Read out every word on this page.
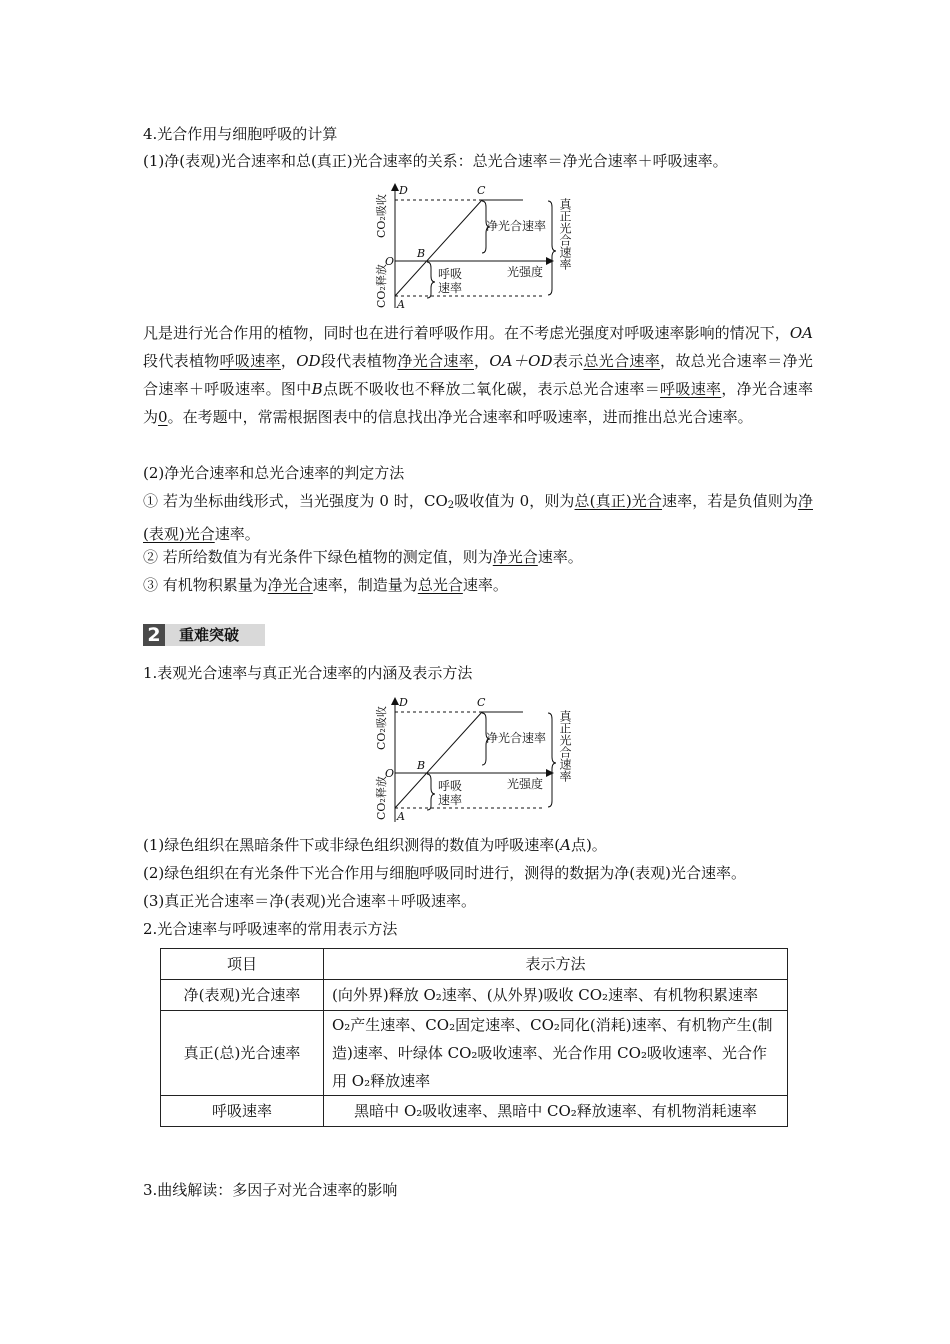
4.光合作用与细胞呼吸的计算
(1)净(表观)光合速率和总(真正)光合速率的关系：总光合速率＝净光合速率＋呼吸速率。
D	C
B
O
A
光强度
净光合速率
呼吸
速率
CO₂吸收
CO₂释放
真正光合速率
凡是进行光合作用的植物，同时也在进行着呼吸作用。在不考虑光强度对呼吸速率影响的情况下，OA段代表植物呼吸速率，OD段代表植物净光合速率，OA＋OD表示总光合速率，故总光合速率＝净光合速率＋呼吸速率。图中B点既不吸收也不释放二氧化碳，表示总光合速率＝呼吸速率，净光合速率为0。在考题中，常需根据图表中的信息找出净光合速率和呼吸速率，进而推出总光合速率。
(2)净光合速率和总光合速率的判定方法
① 若为坐标曲线形式，当光强度为 0 时，$CO_2$吸收值为 0，则为总(真正)光合速率，若是负值则为净(表观)光合速率。
② 若所给数值为有光条件下绿色植物的测定值，则为净光合速率。
③ 有机物积累量为净光合速率，制造量为总光合速率。
2 重难突破
1.表观光合速率与真正光合速率的内涵及表示方法
D	C
B
O
A
光强度
净光合速率
呼吸
速率
CO₂吸收
CO₂释放
真正光合速率
(1)绿色组织在黑暗条件下或非绿色组织测得的数值为呼吸速率(A点)。
(2)绿色组织在有光条件下光合作用与细胞呼吸同时进行，测得的数据为净(表观)光合速率。
(3)真正光合速率＝净(表观)光合速率＋呼吸速率。
2.光合速率与呼吸速率的常用表示方法
项目	表示方法
净(表观)光合速率	(向外界)释放 O₂速率、(从外界)吸收 CO₂速率、有机物积累速率
真正(总)光合速率	O₂产生速率、CO₂固定速率、CO₂同化(消耗)速率、有机物产生(制造)速率、叶绿体 CO₂吸收速率、光合作用 CO₂吸收速率、光合作用 O₂释放速率
呼吸速率	黑暗中 O₂吸收速率、黑暗中 CO₂释放速率、有机物消耗速率
3.曲线解读：多因子对光合速率的影响
